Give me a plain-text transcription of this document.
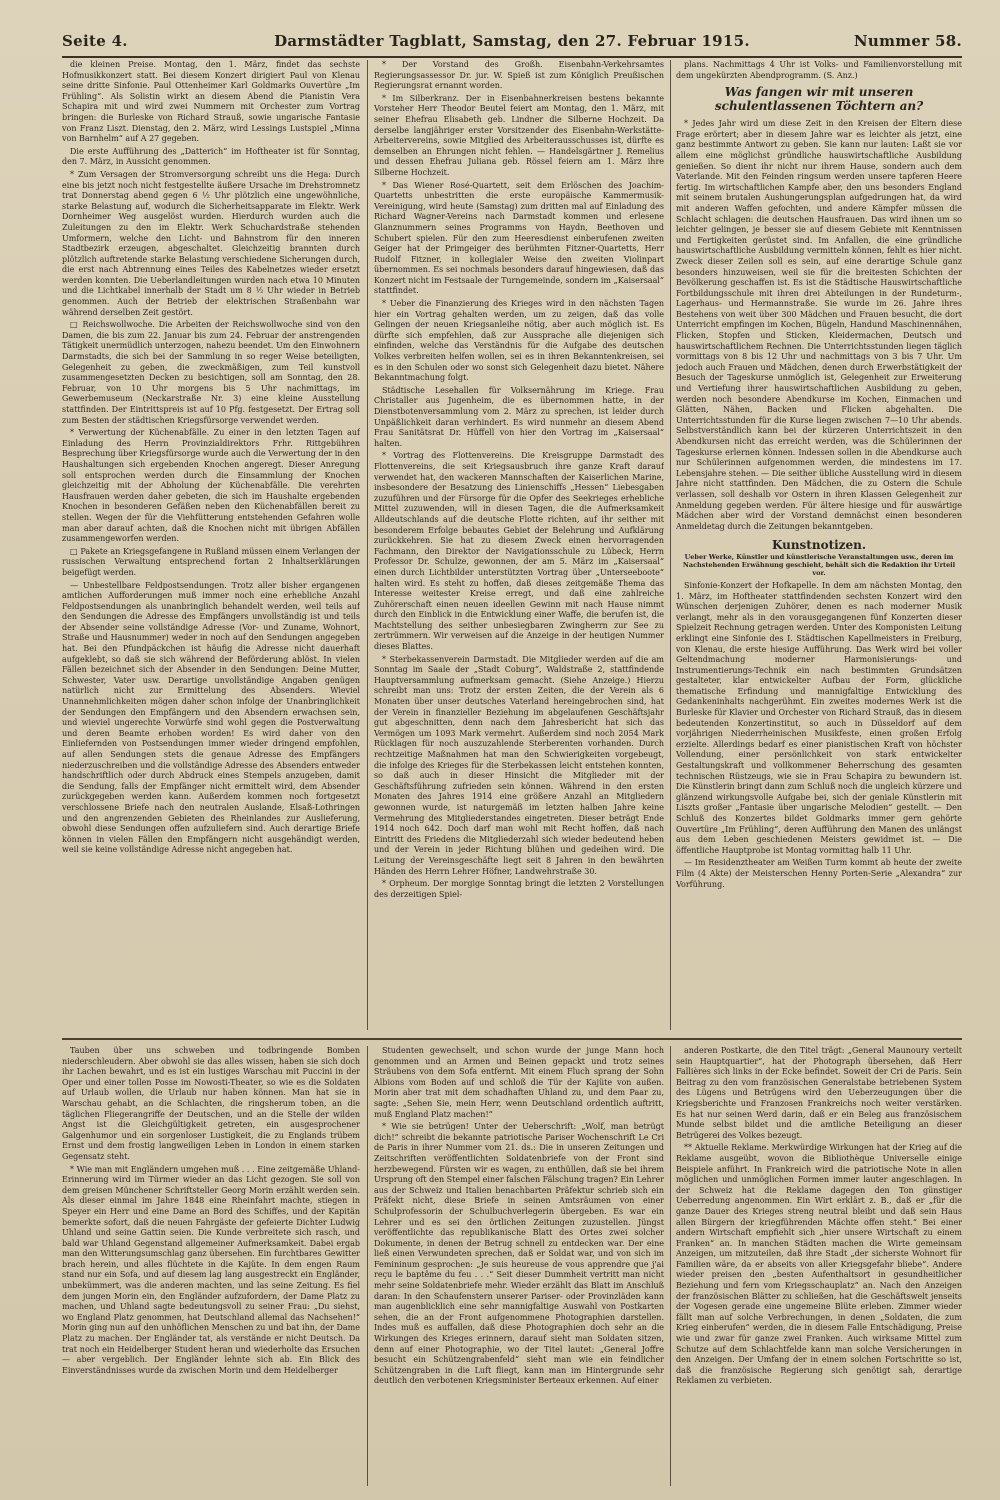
Seite 4.	Darmstädter Tagblatt, Samstag, den 27. Februar 1915.	Nummer 58.

die kleinen Preise. Montag, den 1. März, findet das sechste Hofmusikkonzert statt. Bei diesem Konzert dirigiert Paul von Klenau seine dritte Sinfonie. Paul Ottenheimer Karl Goldmarks Ouvertüre „Im Frühling“. Als Solistin wirkt an diesem Abend die Pianistin Vera Schapira mit und wird zwei Nummern mit Orchester zum Vortrag bringen: die Burleske von Richard Strauß, sowie ungarische Fantasie von Franz Liszt. Dienstag, den 2. März, wird Lessings Lustspiel „Minna von Barnhelm“ auf A 27 gegeben.

Die erste Aufführung des „Datterich“ im Hoftheater ist für Sonntag, den 7. März, in Aussicht genommen.

* Zum Versagen der Stromversorgung schreibt uns die Hega: Durch eine bis jetzt noch nicht festgestellte äußere Ursache im Drehstromnetz trat Donnerstag abend gegen 6 ½ Uhr plötzlich eine ungewöhnliche, starke Belastung auf, wodurch die Sicherheitsapparate im Elektr. Werk Dornheimer Weg ausgelöst wurden. Hierdurch wurden auch die Zuleitungen zu den im Elektr. Werk Schuchardstraße stehenden Umformern, welche den Licht- und Bahnstrom für den inneren Stadtbezirk erzeugen, abgeschaltet. Gleichzeitig brannten durch plötzlich auftretende starke Belastung verschiedene Sicherungen durch, die erst nach Abtrennung eines Teiles des Kabelnetzes wieder ersetzt werden konnten. Die Ueberlandleitungen wurden nach etwa 10 Minuten und die Lichtkabel innerhalb der Stadt um 8 ½ Uhr wieder in Betrieb genommen. Auch der Betrieb der elektrischen Straßenbahn war während derselben Zeit gestört.

□ Reichswollwoche. Die Arbeiten der Reichswollwoche sind von den Damen, die bis zum 22. Januar bis zum 24. Februar der anstrengenden Tätigkeit unermüdlich unterzogen, nahezu beendet. Um den Einwohnern Darmstadts, die sich bei der Sammlung in so reger Weise beteiligten, Gelegenheit zu geben, die zweckmäßigen, zum Teil kunstvoll zusammengesetzten Decken zu besichtigen, soll am Sonntag, den 28. Februar, von 10 Uhr morgens bis 5 Uhr nachmittags, im Gewerbemuseum (Neckarstraße Nr. 3) eine kleine Ausstellung stattfinden. Der Eintrittspreis ist auf 10 Pfg. festgesetzt. Der Ertrag soll zum Besten der städtischen Kriegsfürsorge verwendet werden.

* Verwertung der Küchenabfälle. Zu einer in den letzten Tagen auf Einladung des Herrn Provinzialdirektors Frhr. Rittgebühren Besprechung über Kriegsfürsorge wurde auch die Verwertung der in den Haushaltungen sich ergebenden Knochen angeregt. Dieser Anregung soll entsprochen werden durch die Einsammlung der Knochen gleichzeitig mit der Abholung der Küchenabfälle. Die verehrten Hausfrauen werden daher gebeten, die sich im Haushalte ergebenden Knochen in besonderen Gefäßen neben den Küchenabfällen bereit zu stellen. Wegen der für die Viehfütterung entstehenden Gefahren wolle man aber darauf achten, daß die Knochen nicht mit übrigen Abfällen zusammengeworfen werden.

□ Pakete an Kriegsgefangene in Rußland müssen einem Verlangen der russischen Verwaltung entsprechend fortan 2 Inhaltserklärungen beigefügt werden.

— Unbestellbare Feldpostsendungen. Trotz aller bisher ergangenen amtlichen Aufforderungen muß immer noch eine erhebliche Anzahl Feldpostsendungen als unanbringlich behandelt werden, weil teils auf den Sendungen die Adresse des Empfängers unvollständig ist und teils der Absender seine vollständige Adresse (Vor- und Zuname, Wohnort, Straße und Hausnummer) weder in noch auf den Sendungen angegeben hat. Bei den Pfundpäckchen ist häufig die Adresse nicht dauerhaft aufgeklebt, so daß sie sich während der Beförderung ablöst. In vielen Fällen bezeichnet sich der Absender in den Sendungen: Deine Mutter, Schwester, Vater usw. Derartige unvollständige Angaben genügen natürlich nicht zur Ermittelung des Absenders. Wieviel Unannehmlichkeiten mögen daher schon infolge der Unanbringlichkeit der Sendungen den Empfängern und den Absendern erwachsen sein, und wieviel ungerechte Vorwürfe sind wohl gegen die Postverwaltung und deren Beamte erhoben worden! Es wird daher von den Einliefernden von Postsendungen immer wieder dringend empfohlen, auf allen Sendungen stets die genaue Adresse des Empfängers niederzuschreiben und die vollständige Adresse des Absenders entweder handschriftlich oder durch Abdruck eines Stempels anzugeben, damit die Sendung, falls der Empfänger nicht ermittelt wird, dem Absender zurückgegeben werden kann. Außerdem kommen noch fortgesetzt verschlossene Briefe nach den neutralen Auslande, Elsaß-Lothringen und den angrenzenden Gebieten des Rheinlandes zur Auslieferung, obwohl diese Sendungen offen aufzuliefern sind. Auch derartige Briefe können in vielen Fällen den Empfängern nicht ausgehändigt werden, weil sie keine vollständige Adresse nicht angegeben hat.

* Der Vorstand des Großh. Eisenbahn-Verkehrsamtes Regierungsassessor Dr. jur. W. Spieß ist zum Königlich Preußischen Regierungsrat ernannt worden.

* Im Silberkranz. Der in Eisenbahnerkreisen bestens bekannte Vorsteher Herr Theodor Beutel feiert am Montag, den 1. März, mit seiner Ehefrau Elisabeth geb. Lindner die Silberne Hochzeit. Da derselbe langjähriger erster Vorsitzender des Eisenbahn-Werkstätte-Arbeitervereins, sowie Mitglied des Arbeiterausschusses ist, dürfte es demselben an Ehrungen nicht fehlen. — Handelsgärtner J. Remelius und dessen Ehefrau Juliana geb. Rössel feiern am 1. März ihre Silberne Hochzeit.

* Das Wiener Rosé-Quartett, seit dem Erlöschen des Joachim-Quartetts unbestritten die erste europäische Kammermusik-Vereinigung, wird heute (Samstag) zum dritten mal auf Einladung des Richard Wagner-Vereins nach Darmstadt kommen und erlesene Glanznummern seines Programms von Haydn, Beethoven und Schubert spielen. Für den zum Heeresdienst einberufenen zweiten Geiger hat der Primgeiger des berühmten Fitzner-Quartetts, Herr Rudolf Fitzner, in kollegialer Weise den zweiten Violinpart übernommen. Es sei nochmals besonders darauf hingewiesen, daß das Konzert nicht im Festsaale der Turngemeinde, sondern im „Kaisersaal“ stattfindet.

* Ueber die Finanzierung des Krieges wird in den nächsten Tagen hier ein Vortrag gehalten werden, um zu zeigen, daß das volle Gelingen der neuen Kriegsanleihe nötig, aber auch möglich ist. Es dürfte sich empfehlen, daß zur Aussprache alle diejenigen sich einfinden, welche das Verständnis für die Aufgabe des deutschen Volkes verbreiten helfen wollen, sei es in ihren Bekanntenkreisen, sei es in den Schulen oder wo sonst sich Gelegenheit dazu bietet. Nähere Bekanntmachung folgt.

Städtische Lesehallen für Volksernährung im Kriege. Frau Christaller aus Jugenheim, die es übernommen hatte, in der Dienstbotenversammlung vom 2. März zu sprechen, ist leider durch Unpäßlichkeit daran verhindert. Es wird nunmehr an diesem Abend Frau Sanitätsrat Dr. Hüffell von hier den Vortrag im „Kaisersaal“ halten.

* Vortrag des Flottenvereins. Die Kreisgruppe Darmstadt des Flottenvereins, die seit Kriegsausbruch ihre ganze Kraft darauf verwendet hat, den wackeren Mannschaften der Kaiserlichen Marine, insbesondere der Besatzung des Linienschiffs „Hessen“ Liebesgaben zuzuführen und der Fürsorge für die Opfer des Seekrieges erhebliche Mittel zuzuwenden, will in diesen Tagen, die die Aufmerksamkeit Alldeutschlands auf die deutsche Flotte richten, auf ihr seither mit besonderem Erfolge bebautes Gebiet der Belehrung und Aufklärung zurückkehren. Sie hat zu diesem Zweck einen hervorragenden Fachmann, den Direktor der Navigationsschule zu Lübeck, Herrn Professor Dr. Schulze, gewonnen, der am 5. März im „Kaisersaal“ einen durch Lichtbilder unterstützten Vortrag über „Unterseeboote“ halten wird. Es steht zu hoffen, daß dieses zeitgemäße Thema das Interesse weitester Kreise erregt, und daß eine zahlreiche Zuhörerschaft einen neuen ideellen Gewinn mit nach Hause nimmt durch den Einblick in die Entwicklung einer Waffe, die berufen ist, die Machtstellung des seither unbesiegbaren Zwingherrn zur See zu zertrümmern. Wir verweisen auf die Anzeige in der heutigen Nummer dieses Blattes.

* Sterbekassenverein Darmstadt. Die Mitglieder werden auf die am Sonntag im Saale der „Stadt Coburg“, Waldstraße 2, stattfindende Hauptversammlung aufmerksam gemacht. (Siehe Anzeige.) Hierzu schreibt man uns: Trotz der ersten Zeiten, die der Verein als 6 Monaten über unser deutsches Vaterland hereingebrochen sind, hat der Verein in finanzieller Beziehung im abgelaufenen Geschäftsjahr gut abgeschnitten, denn nach dem Jahresbericht hat sich das Vermögen um 1093 Mark vermehrt. Außerdem sind noch 2054 Mark Rücklagen für noch auszuzahlende Sterberenten vorhanden. Durch rechtzeitige Maßnahmen hat man den Schwierigkeiten vorgebeugt, die infolge des Krieges für die Sterbekassen leicht entstehen konnten, so daß auch in dieser Hinsicht die Mitglieder mit der Geschäftsführung zufrieden sein können. Während in den ersten Monaten des Jahres 1914 eine größere Anzahl an Mitgliedern gewonnen wurde, ist naturgemäß im letzten halben Jahre keine Vermehrung des Mitgliederstandes eingetreten. Dieser beträgt Ende 1914 noch 642. Doch darf man wohl mit Recht hoffen, daß nach Eintritt des Friedens die Mitgliederzahl sich wieder bedeutend heben und der Verein in jeder Richtung blühen und gedeihen wird. Die Leitung der Vereinsgeschäfte liegt seit 8 Jahren in den bewährten Händen des Herrn Lehrer Höfner, Landwehrstraße 30.

* Orpheum. Der morgige Sonntag bringt die letzten 2 Vorstellungen des derzeitigen Spiel-

plans. Nachmittags 4 Uhr ist Volks- und Familienvorstellung mit dem ungekürzten Abendprogramm. (S. Anz.)

Was fangen wir mit unseren schulentlassenen Töchtern an?

* Jedes Jahr wird um diese Zeit in den Kreisen der Eltern diese Frage erörtert; aber in diesem Jahre war es leichter als jetzt, eine ganz bestimmte Antwort zu geben. Sie kann nur lauten: Laßt sie vor allem eine möglichst gründliche hauswirtschaftliche Ausbildung genießen. So dient ihr nicht nur ihrem Hause, sondern auch dem Vaterlande. Mit den Feinden ringsum werden unsere tapferen Heere fertig. Im wirtschaftlichen Kampfe aber, den uns besonders England mit seinem brutalen Aushungerungsplan aufgedrungen hat, da wird mit anderen Waffen gefochten, und andere Kämpfer müssen die Schlacht schlagen: die deutschen Hausfrauen. Das wird ihnen um so leichter gelingen, je besser sie auf diesem Gebiete mit Kenntnissen und Fertigkeiten gerüstet sind. Im Anfallen, die eine gründliche hauswirtschaftliche Ausbildung vermitteln können, fehlt es hier nicht. Zweck dieser Zeilen soll es sein, auf eine derartige Schule ganz besonders hinzuweisen, weil sie für die breitesten Schichten der Bevölkerung geschaffen ist. Es ist die Städtische Hauswirtschaftliche Fortbildungsschule mit ihren drei Abteilungen in der Rundeturm-, Lagerhaus- und Hermannstraße. Sie wurde im 26. Jahre ihres Bestehens von weit über 300 Mädchen und Frauen besucht, die dort Unterricht empfingen im Kochen, Bügeln, Handund Maschinennähen, Flicken, Stopfen und Sticken, Kleidermachen, Deutsch und hauswirtschaftlichem Rechnen. Die Unterrichtsstunden liegen täglich vormittags von 8 bis 12 Uhr und nachmittags von 3 bis 7 Uhr. Um jedoch auch Frauen und Mädchen, denen durch Erwerbstätigkeit der Besuch der Tageskurse unmöglich ist, Gelegenheit zur Erweiterung und Vertiefung ihrer hauswirtschaftlichen Ausbildung zu geben, werden noch besondere Abendkurse im Kochen, Einmachen und Glätten, Nähen, Backen und Flicken abgehalten. Die Unterrichtsstunden für die Kurse liegen zwischen 7—10 Uhr abends. Selbstverständlich kann bei der kürzeren Unterrichtszeit in den Abendkursen nicht das erreicht werden, was die Schülerinnen der Tageskurse erlernen können. Indessen sollen in die Abendkurse auch nur Schülerinnen aufgenommen werden, die mindestens im 17. Lebensjahre stehen. — Die seither übliche Ausstellung wird in diesem Jahre nicht stattfinden. Den Mädchen, die zu Ostern die Schule verlassen, soll deshalb vor Ostern in ihren Klassen Gelegenheit zur Anmeldung gegeben werden. Für ältere hiesige und für auswärtige Mädchen aber wird der Vorstand demnächst einen besonderen Anmeldetag durch die Zeitungen bekanntgeben.

Kunstnotizen.
Ueber Werke, Künstler und künstlerische Veranstaltungen usw., deren im Nachstehenden Erwähnung geschieht, behält sich die Redaktion ihr Urteil vor.

Sinfonie-Konzert der Hofkapelle. In dem am nächsten Montag, den 1. März, im Hoftheater stattfindenden sechsten Konzert wird den Wünschen derjenigen Zuhörer, denen es nach moderner Musik verlangt, mehr als in den vorausgegangenen fünf Konzerten dieser Spielzeit Rechnung getragen werden. Unter des Komponisten Leitung erklingt eine Sinfonie des I. Städtischen Kapellmeisters in Freiburg, von Klenau, die erste hiesige Aufführung. Das Werk wird bei voller Geltendmachung moderner Harmonisierungs- und Instrumentierungs-Technik ein nach bestimmten Grundsätzen gestalteter, klar entwickelter Aufbau der Form, glückliche thematische Erfindung und mannigfaltige Entwicklung des Gedankeninhalts nachgerühmt. Ein zweites modernes Werk ist die Burleske für Klavier und Orchester von Richard Strauß, das in diesem bedeutenden Konzertinstitut, so auch in Düsseldorf auf dem vorjährigen Niederrheinischen Musikfeste, einen großen Erfolg erzielte. Allerdings bedarf es einer pianistischen Kraft von höchster Vollendung, einer persönlichkeit von stark entwickelter Gestaltungskraft und vollkommener Beherrschung des gesamten technischen Rüstzeugs, wie sie in Frau Schapira zu bewundern ist. Die Künstlerin bringt dann zum Schluß noch die ungleich kürzere und glänzend wirkungsvolle Aufgabe bei, sich der geniale Künstlerin mit Liszts großer „Fantasie über ungarische Melodien“ gestellt. — Den Schluß des Konzertes bildet Goldmarks immer gern gehörte Ouvertüre „Im Frühling“, deren Aufführung den Manen des unlängst aus dem Leben geschiedenen Meisters gewidmet ist. — Die öffentliche Hauptprobe ist Montag vormittag halb 11 Uhr.

— Im Residenztheater am Weißen Turm kommt ab heute der zweite Film (4 Akte) der Meisterschen Henny Porten-Serie „Alexandra“ zur Vorführung.

Tauben über uns schweben und todbringende Bomben niederschleudern. Aber obwohl sie das alles wissen, haben sie sich doch ihr Lachen bewahrt, und es ist ein lustiges Warschau mit Puccini in der Oper und einer tollen Posse im Nowosti-Theater, so wie es die Soldaten auf Urlaub wollen, die Urlaub nur haben können. Man hat sie in Warschau gehabt, an die Schlachten, die ringsherum toben, an die täglichen Fliegerangriffe der Deutschen, und an die Stelle der wilden Angst ist die Gleichgültigkeit getreten, ein ausgesprochener Galgenhumor und ein sorgenloser Lustigkeit, die zu Englands trübem Ernst und dem frostig langweiligen Leben in London in einem starken Gegensatz steht.

* Wie man mit Engländern umgehen muß . . . Eine zeitgemäße Uhland-Erinnerung wird im Türmer wieder an das Licht gezogen. Sie soll von dem greisen Münchener Schriftsteller Georg Morin erzählt werden sein. Als dieser einmal im Jahre 1848 eine Rheinfahrt machte, stiegen in Speyer ein Herr und eine Dame an Bord des Schiffes, und der Kapitän bemerkte sofort, daß die neuen Fahrgäste der gefeierte Dichter Ludwig Uhland und seine Gattin seien. Die Kunde verbreitete sich rasch, und bald war Uhland Gegenstand allgemeiner Aufmerksamkeit. Dabei ergab man den Witterungsumschlag ganz übersehen. Ein furchtbares Gewitter brach herein, und alles flüchtete in die Kajüte. In dem engen Raum stand nur ein Sofa, und auf diesem lag lang ausgestreckt ein Engländer, unbekümmert, was die anderen machten, und las seine Zeitung. Es fiel dem jungen Morin ein, den Engländer aufzufordern, der Dame Platz zu machen, und Uhland sagte bedeutungsvoll zu seiner Frau: „Du siehst, wo England Platz genommen, hat Deutschland allemal das Nachsehen!“ Morin ging nun auf den unhöflichen Menschen zu und bat ihn, der Dame Platz zu machen. Der Engländer tat, als verstände er nicht Deutsch. Da trat noch ein Heidelberger Student heran und wiederholte das Ersuchen — aber vergeblich. Der Engländer lehnte sich ab. Ein Blick des Einverständnisses wurde da zwischen Morin und dem Heidelberger

Studenten gewechselt, und schon wurde der junge Mann hoch genommen und an Armen und Beinen gepackt und trotz seines Sträubens von dem Sofa entfernt. Mit einem Fluch sprang der Sohn Albions vom Boden auf und schloß die Tür der Kajüte von außen. Morin aber trat mit dem schadhaften Uhland zu, und dem Paar zu, sagte: „Sehen Sie, mein Herr, wenn Deutschland ordentlich auftritt, muß England Platz machen!“

* Wie sie betrügen! Unter der Ueberschrift: „Wolf, man betrügt dich!“ schreibt die bekannte patriotische Pariser Wochenschrift Le Cri de Paris in ihrer Nummer vom 21. ds.: Die in unseren Zeitungen und Zeitschriften veröffentlichten Soldatenbriefe von der Front sind herzbewegend. Fürsten wir es wagen, zu enthüllen, daß sie bei ihrem Ursprung oft den Stempel einer falschen Fälschung tragen? Ein Lehrer aus der Schweiz und Italien benachbarten Präfektur schrieb sich ein Präfekt nicht, diese Briefe in seinen Amtsräumen von einer Schulprofessorin der Schulbuchverlegerin übergeben. Es war ein Lehrer und es sei den örtlichen Zeitungen zuzustellen. Jüngst veröffentlichte das republikanische Blatt des Ortes zwei solcher Dokumente, in denen der Betrug schnell zu entdecken war. Der eine ließ einen Verwundeten sprechen, daß er Soldat war, und von sich im Femininum gesprochen: „Je suis heureuse de vous apprendre que j'ai reçu le baptême du feu . . .“ Seit dieser Dummheit vertritt man nicht mehr seine Soldatenbriefe mehr. Wieder erzählt das Blatt im Anschluß daran: In den Schaufenstern unserer Pariser- oder Provinzläden kann man augenblicklich eine sehr mannigfaltige Auswahl von Postkarten sehen, die an der Front aufgenommene Photographien darstellen. Indes muß es auffallen, daß diese Photographien doch sehr an die Wirkungen des Krieges erinnern, darauf sieht man Soldaten sitzen, denn auf einer Photographie, wo der Titel lautet: „General Joffre besucht ein Schützengrabenfeld“ sieht man wie ein feindlicher Schützengraben in die Luft fliegt, kann man im Hintergrunde sehr deutlich den verbotenen Kriegsminister Berteaux erkennen. Auf einer

anderen Postkarte, die den Titel trägt: „General Maunoury verteilt sein Hauptquartier“, hat der Photograph übersehen, daß Herr Fallières sich links in der Ecke befindet. Soweit der Cri de Paris. Sein Beitrag zu den vom französischen Generalstabe betriebenen System des Lügens und Betrügens wird den Ueberzeugungen über die Kriegsberichte und Franzosen Frankreichs noch weiter verstärken. Es hat nur seinen Werd darin, daß er ein Beleg aus französischem Munde selbst bildet und die amtliche Beteiligung an dieser Betrügerei des Volkes bezeugt.

** Aktuelle Reklame. Merkwürdige Wirkungen hat der Krieg auf die Reklame ausgeübt, wovon die Bibliothèque Universelle einige Beispiele anführt. In Frankreich wird die patriotische Note in allen möglichen und unmöglichen Formen immer lauter angeschlagen. In der Schweiz hat die Reklame dagegen den Ton günstiger Ueberredung angenommen. Ein Wirt erklärt z. B., daß er „für die ganze Dauer des Krieges streng neutral bleibt und daß sein Haus allen Bürgern der kriegführenden Mächte offen steht.“ Bei einer andern Wirtschaft empfiehlt sich „hier unsere Wirtschaft zu einem Franken“ an. In manchen Städten machen die Wirte gemeinsam Anzeigen, um mitzuteilen, daß ihre Stadt „der sicherste Wohnort für Familien wäre, da er abseits von aller Kriegsgefahr bliebe“. Andere wieder preisen den „besten Aufenthaltsort in gesundheitlicher Beziehung und fern vom Kriegsschauplatz“ an. Nach den Anzeigen der französischen Blätter zu schließen, hat die Geschäftswelt jenseits der Vogesen gerade eine ungemeine Blüte erleben. Zimmer wieder fällt man auf solche Verbrechungen, in denen „Soldaten, die zum Krieg einberufen“ werden, die in diesem Falle Entschädigung, Preise wie und zwar für ganze zwei Franken. Auch wirksame Mittel zum Schutze auf dem Schlachtfelde kann man solche Versicherungen in den Anzeigen. Der Umfang der in einem solchen Fortschritte so ist, daß die französische Regierung sich genötigt sah, derartige Reklamen zu verbieten.
